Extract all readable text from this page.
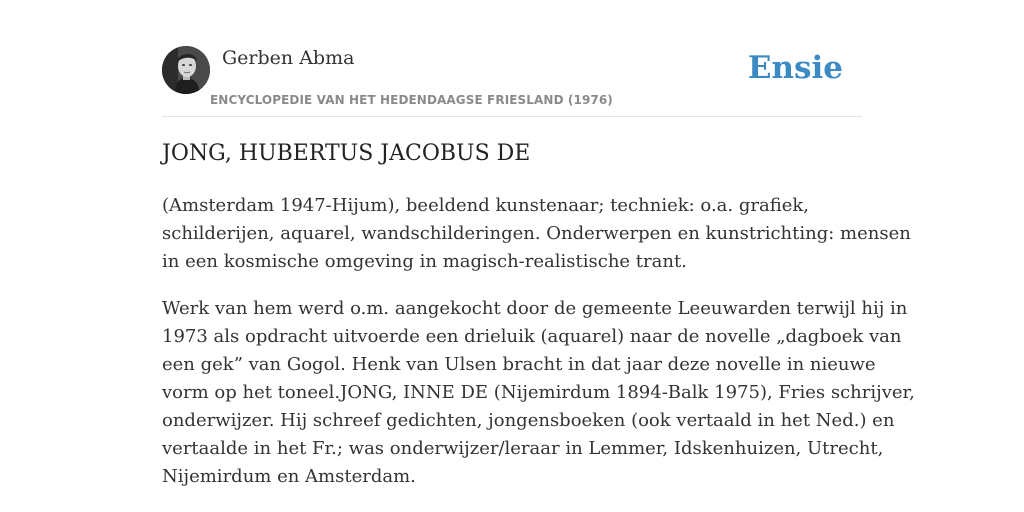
Gerben Abma
ENCYCLOPEDIE VAN HET HEDENDAAGSE FRIESLAND (1976)
Ensie
JONG, HUBERTUS JACOBUS DE

(Amsterdam 1947-Hijum), beeldend kunstenaar; techniek: o.a. grafiek,
schilderijen, aquarel, wandschilderingen. Onderwerpen en kunstrichting: mensen
in een kosmische omgeving in magisch-realistische trant.

Werk van hem werd o.m. aangekocht door de gemeente Leeuwarden terwijl hij in
1973 als opdracht uitvoerde een drieluik (aquarel) naar de novelle „dagboek van
een gek” van Gogol. Henk van Ulsen bracht in dat jaar deze novelle in nieuwe
vorm op het toneel.JONG, INNE DE (Nijemirdum 1894-Balk 1975), Fries schrijver,
onderwijzer. Hij schreef gedichten, jongensboeken (ook vertaald in het Ned.) en
vertaalde in het Fr.; was onderwijzer/leraar in Lemmer, Idskenhuizen, Utrecht,
Nijemirdum en Amsterdam.
